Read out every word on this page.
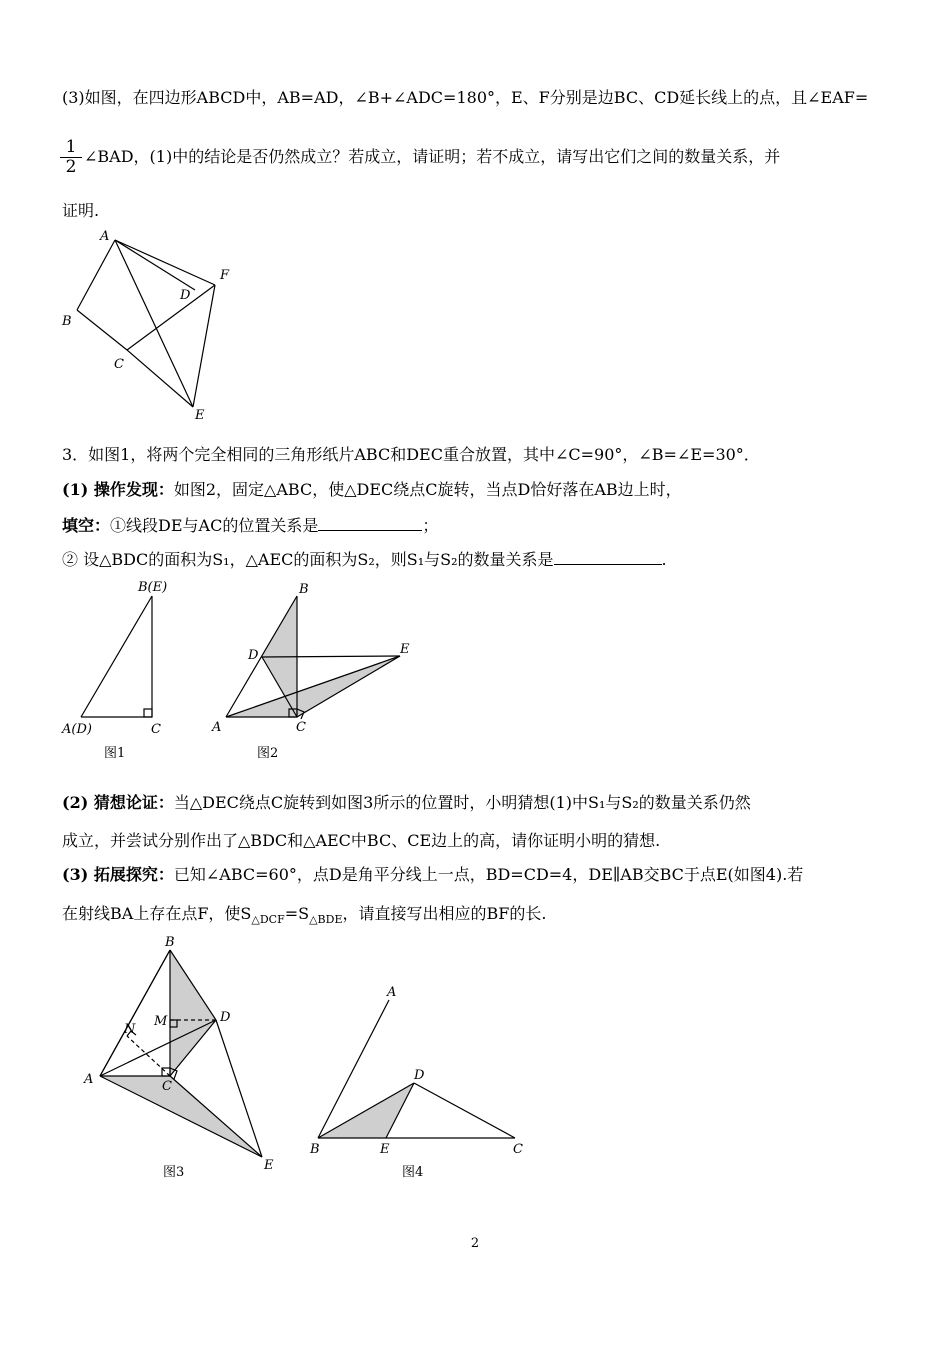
(3)如图，在四边形ABCD中，AB=AD，∠B+∠ADC=180°，E、F分别是边BC、CD延长线上的点，且∠EAF=
$\frac{1}{2}$ ∠BAD，(1)中的结论是否仍然成立？若成立，请证明；若不成立，请写出它们之间的数量关系，并
证明.
A
B
C
D
E
F
3．如图1，将两个完全相同的三角形纸片ABC和DEC重合放置，其中∠C=90°，∠B=∠E=30°．
(1) 操作发现：如图2，固定△ABC，使△DEC绕点C旋转，当点D恰好落在AB边上时，
填空：①线段DE与AC的位置关系是	；
② 设△BDC的面积为S₁，△AEC的面积为S₂，则S₁与S₂的数量关系是	.
B(E)
A(D)	C
图1
B
D	E
A	C
图2
(2) 猜想论证：当△DEC绕点C旋转到如图3所示的位置时，小明猜想(1)中S₁与S₂的数量关系仍然
成立，并尝试分别作出了△BDC和△AEC中BC、CE边上的高，请你证明小明的猜想.
(3) 拓展探究：已知∠ABC=60°，点D是角平分线上一点，BD=CD=4，DE∥AB交BC于点E(如图4).若
在射线BA上存在点F，使$S_{\triangle DCF}=S_{\triangle BDE}$，请直接写出相应的BF的长.
B
M	D
N
A	C
E
图3
A
D
B	E	C
图4
2
